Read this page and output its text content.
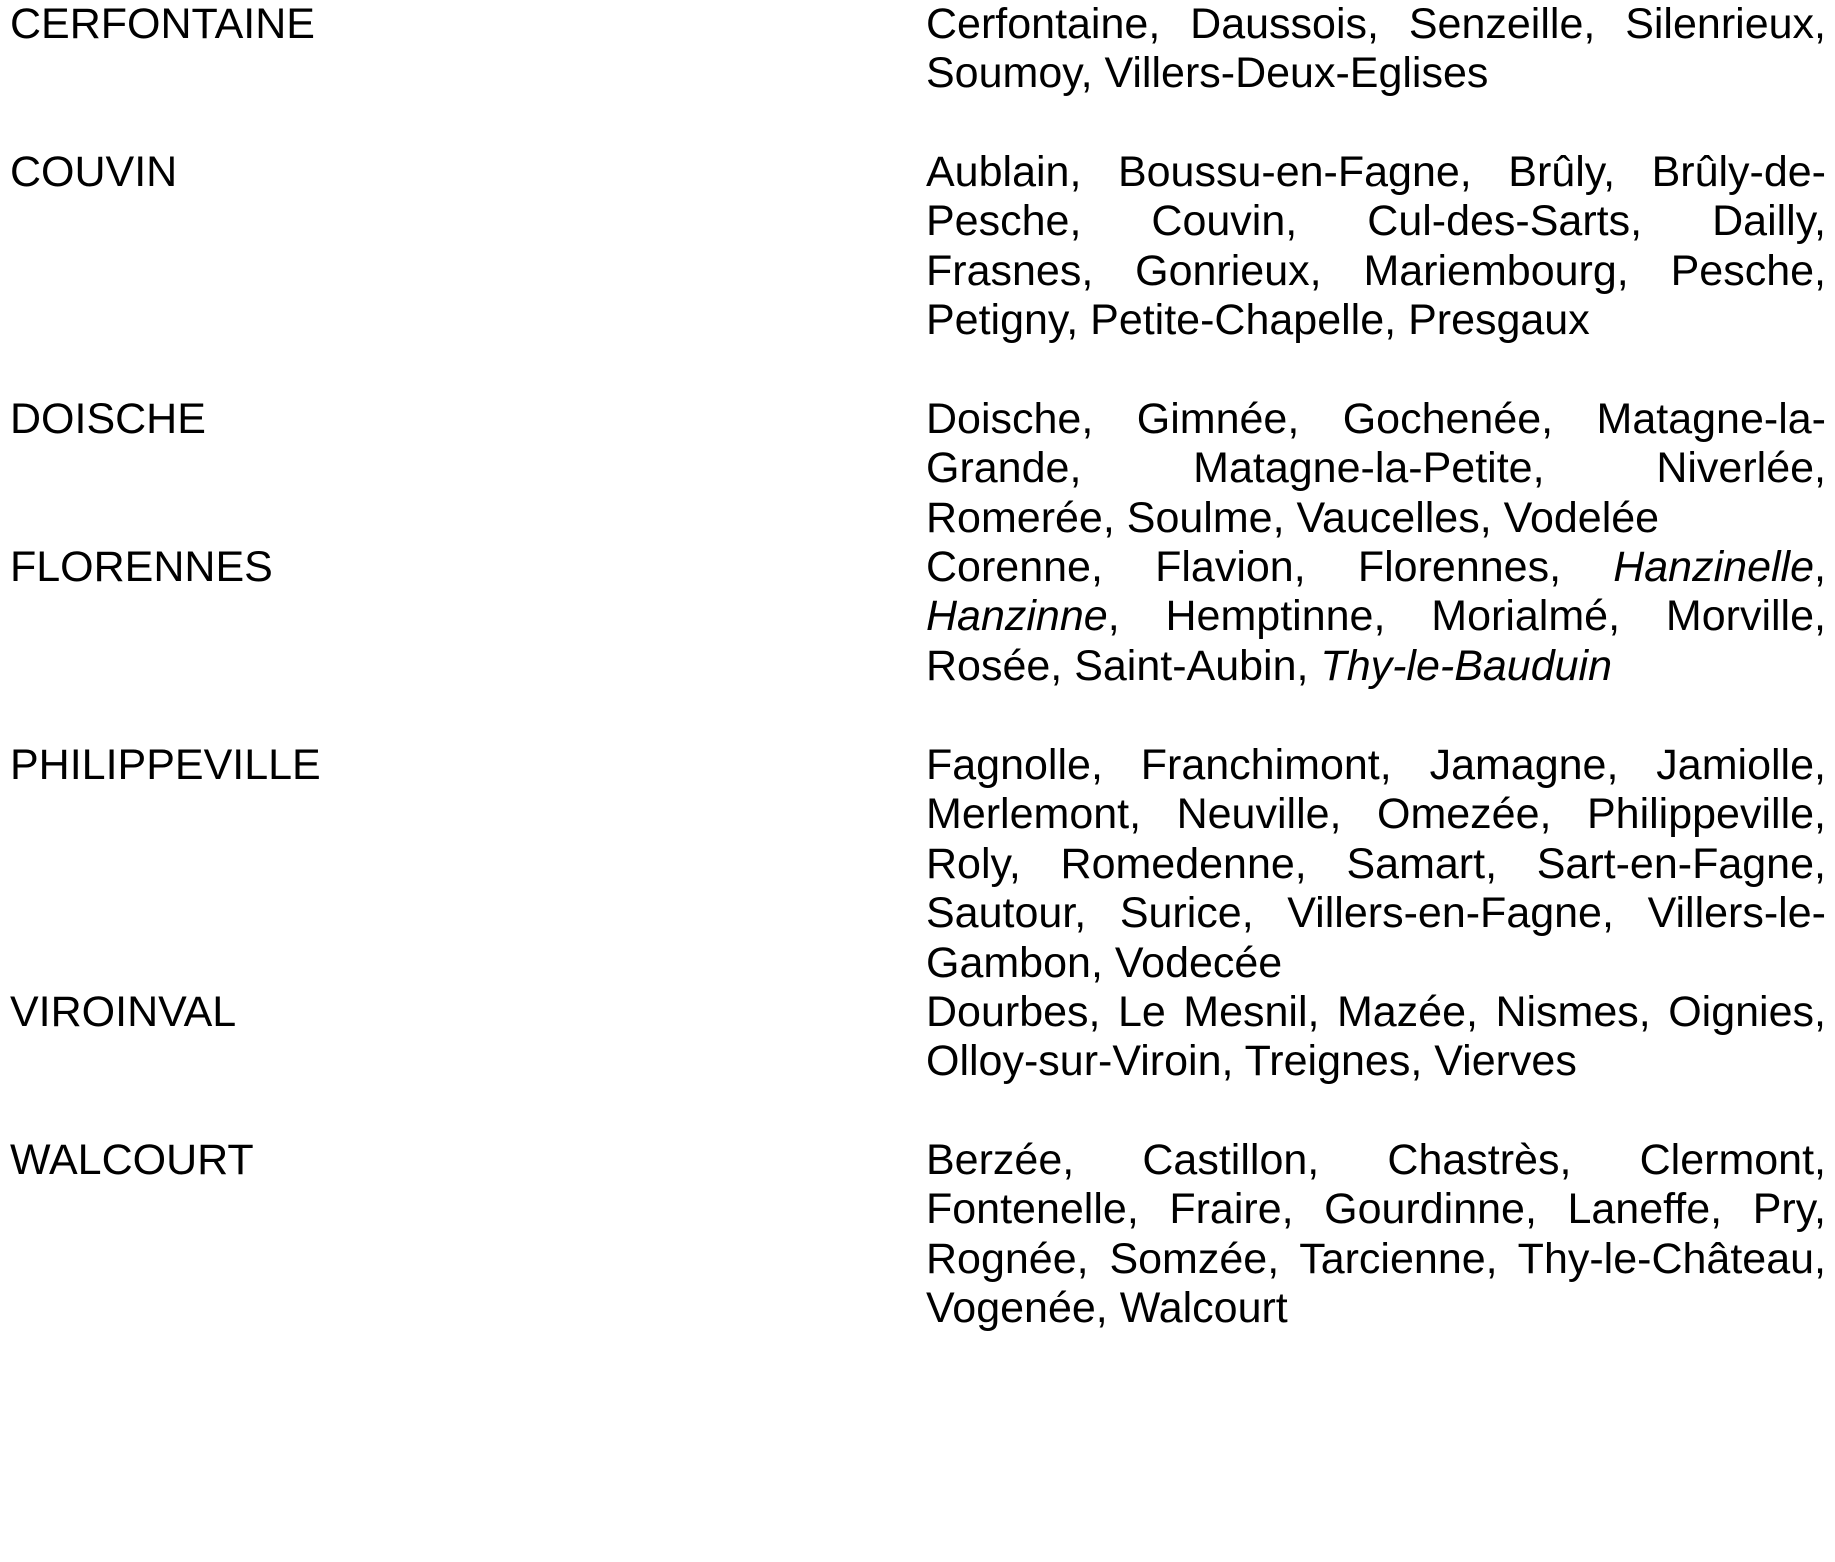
CERFONTAINE	Cerfontaine, Daussois, Senzeille, Silenrieux, Soumoy, Villers-Deux-Eglises
COUVIN	Aublain, Boussu-en-Fagne, Brûly, Brûly-de-Pesche, Couvin, Cul-des-Sarts, Dailly, Frasnes, Gonrieux, Mariembourg, Pesche, Petigny, Petite-Chapelle, Presgaux
DOISCHE	Doische, Gimnée, Gochenée, Matagne-la-Grande, Matagne-la-Petite, Niverlée, Romerée, Soulme, Vaucelles, Vodelée
FLORENNES	Corenne, Flavion, Florennes, Hanzinelle, Hanzinne, Hemptinne, Morialmé, Morville, Rosée, Saint-Aubin, Thy-le-Bauduin
PHILIPPEVILLE	Fagnolle, Franchimont, Jamagne, Jamiolle, Merlemont, Neuville, Omezée, Philippeville, Roly, Romedenne, Samart, Sart-en-Fagne, Sautour, Surice, Villers-en-Fagne, Villers-le-Gambon, Vodecée
VIROINVAL	Dourbes, Le Mesnil, Mazée, Nismes, Oignies, Olloy-sur-Viroin, Treignes, Vierves
WALCOURT	Berzée, Castillon, Chastrès, Clermont, Fontenelle, Fraire, Gourdinne, Laneffe, Pry, Rognée, Somzée, Tarcienne, Thy-le-Château, Vogenée, Walcourt
